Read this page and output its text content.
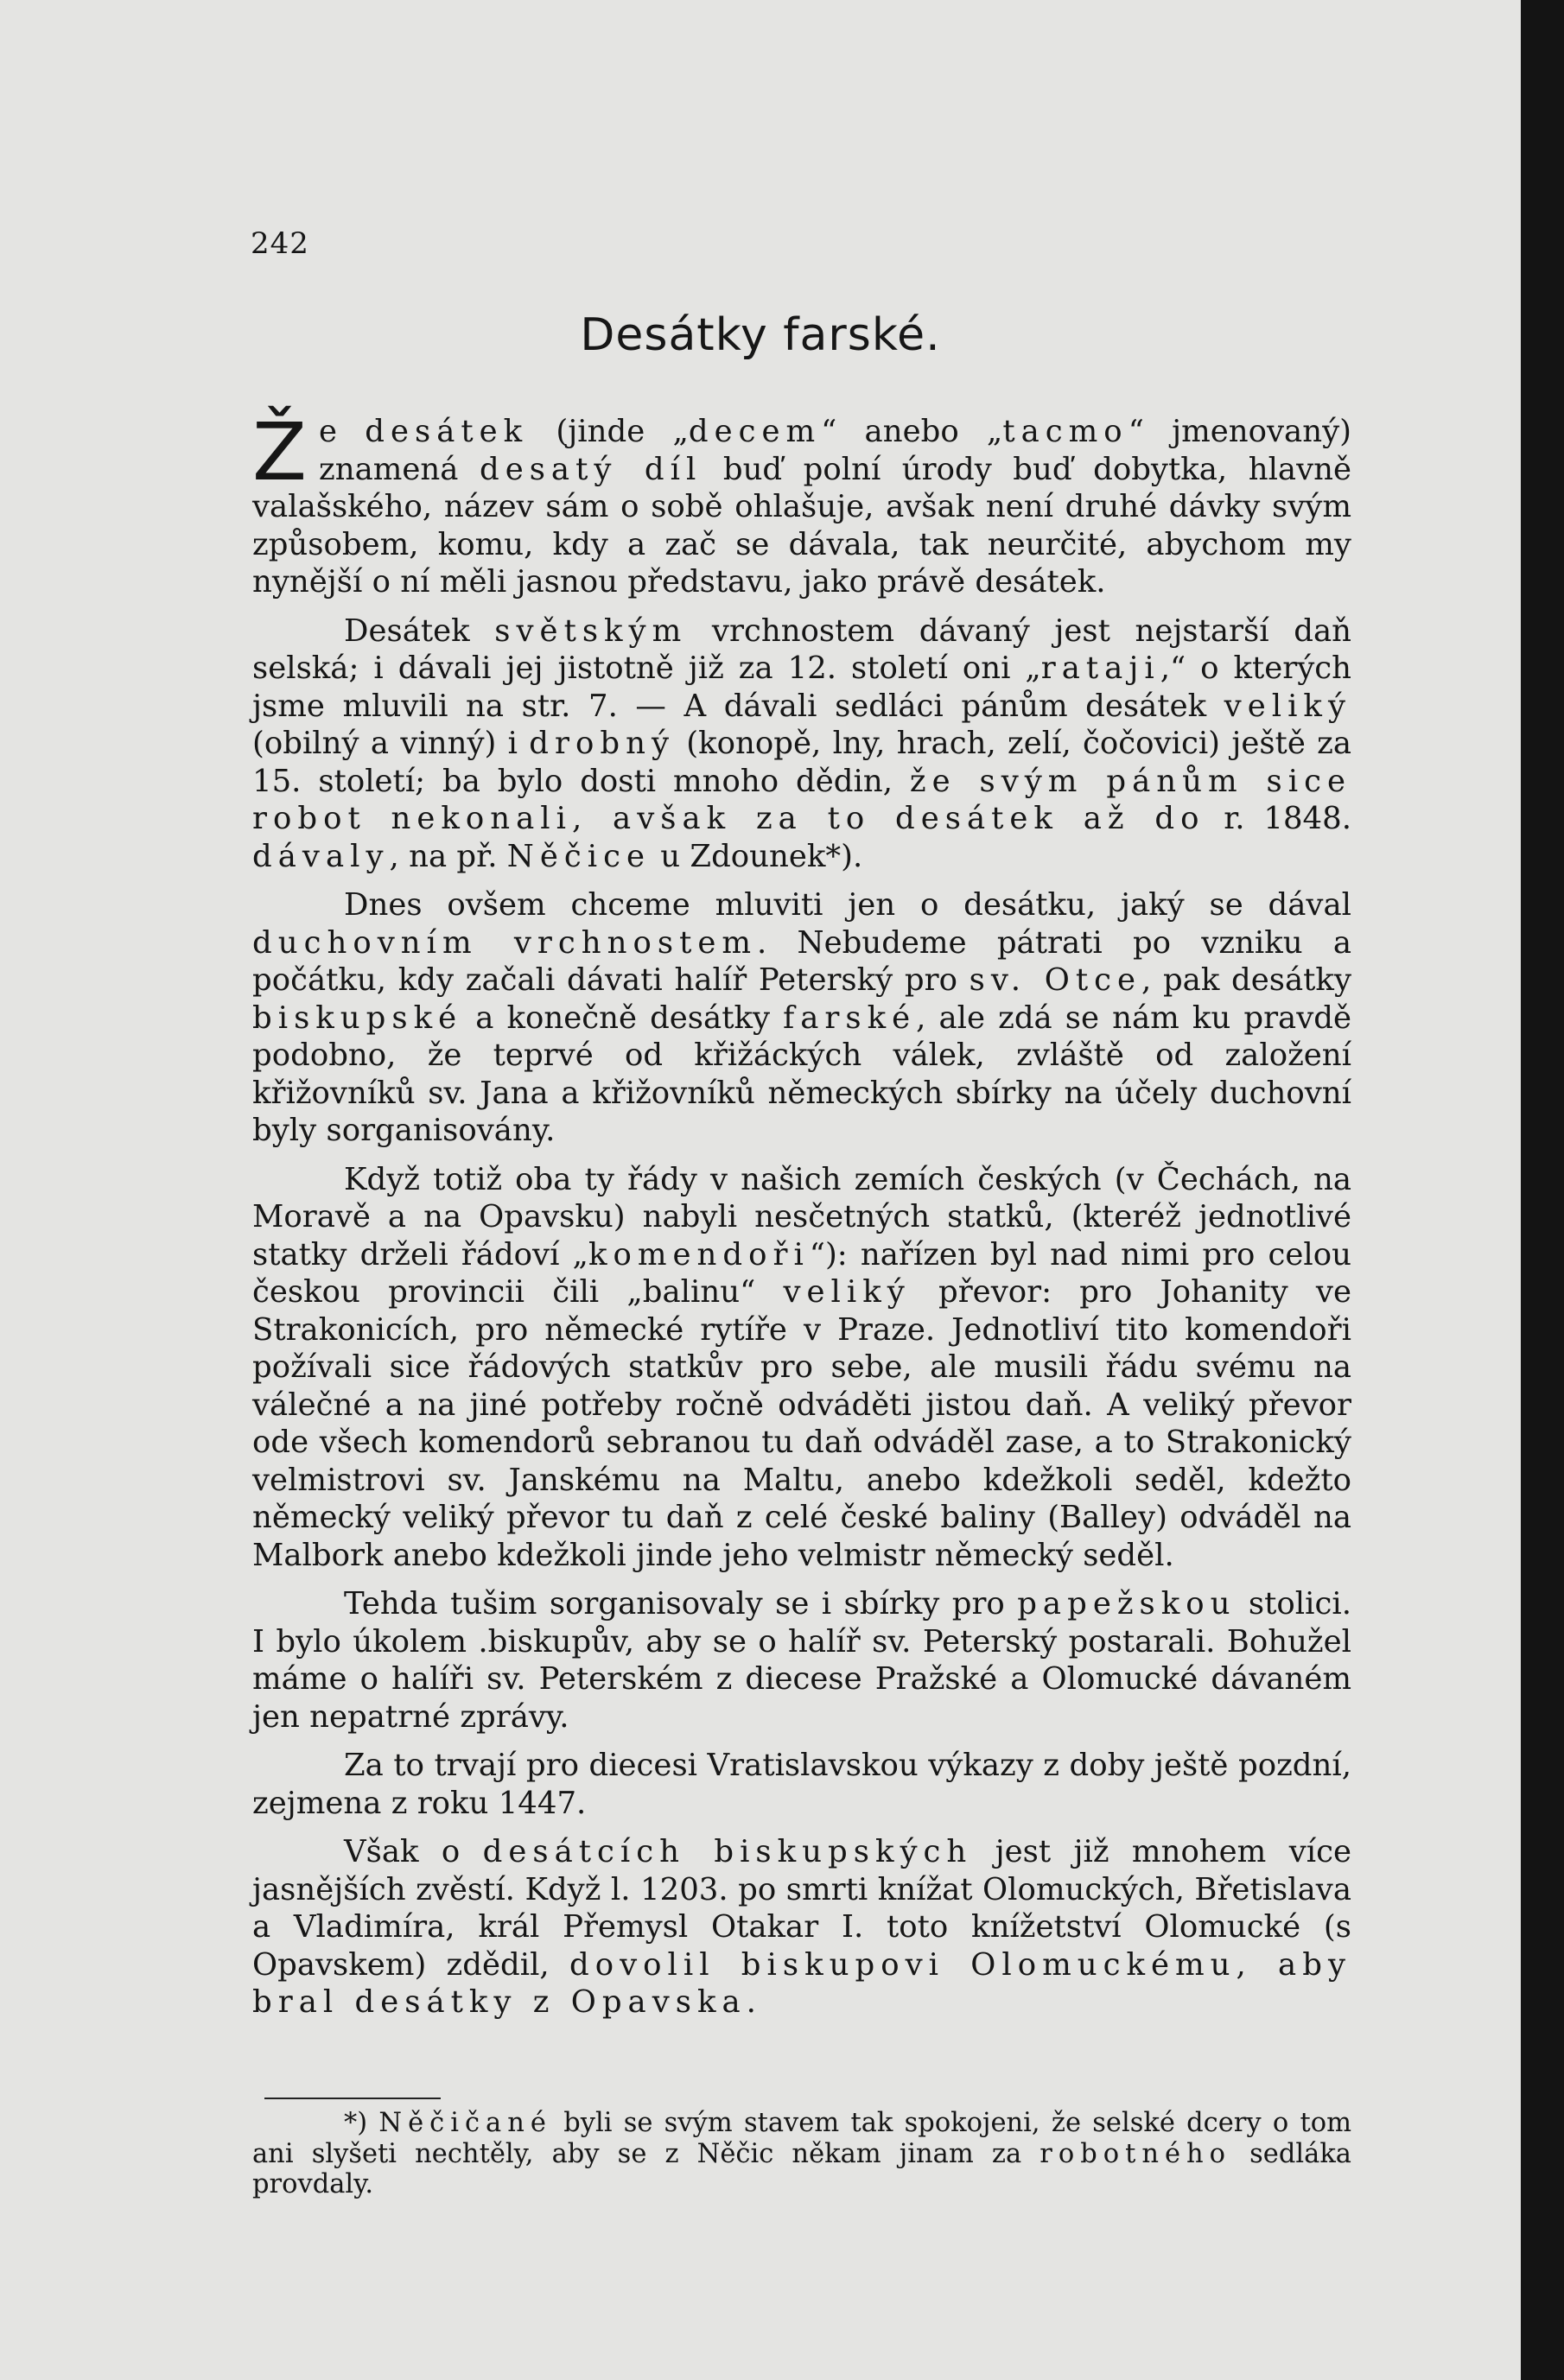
242
Desátky farské.

Že desátek (jinde „decem“ anebo „tacmo“ jmenovaný) znamená desatý díl buď polní úrody buď dobytka, hlavně valašského, název sám o sobě ohlašuje, avšak není druhé dávky svým způsobem, komu, kdy a zač se dávala, tak neurčité, abychom my nynější o ní měli jasnou představu, jako právě desátek.

Desátek světským vrchnostem dávaný jest nejstarší daň selská; i dávali jej jistotně již za 12. století oni „rataji,“ o kterých jsme mluvili na str. 7. — A dávali sedláci pánům desátek veliký (obilný a vinný) i drobný (konopě, lny, hrach, zelí, čočovici) ještě za 15. století; ba bylo dosti mnoho dědin, že svým pánům sice robot nekonali, avšak za to desátek až do r. 1848. dávaly, na př. Něčice u Zdounek*).

Dnes ovšem chceme mluviti jen o desátku, jaký se dával duchovním vrchnostem. Nebudeme pátrati po vzniku a počátku, kdy začali dávati halíř Peterský pro sv. Otce, pak desátky biskupské a konečně desátky farské, ale zdá se nám ku pravdě podobno, že teprvé od křižáckých válek, zvláště od založení křižovníků sv. Jana a křižovníků německých sbírky na účely duchovní byly sorganisovány.

Když totiž oba ty řády v našich zemích českých (v Čechách, na Moravě a na Opavsku) nabyli nesčetných statků, (kteréž jednotlivé statky drželi řádoví „komendoři“): nařízen byl nad nimi pro celou českou provincii čili „balinu“ veliký převor: pro Johanity ve Strakonicích, pro německé rytíře v Praze. Jednotliví tito komendoři požívali sice řádových statkův pro sebe, ale musili řádu svému na válečné a na jiné potřeby ročně odváděti jistou daň. A veliký převor ode všech komendorů sebranou tu daň odváděl zase, a to Strakonický velmistrovi sv. Janskému na Maltu, anebo kdežkoli seděl, kdežto německý veliký převor tu daň z celé české baliny (Balley) odváděl na Malbork anebo kdežkoli jinde jeho velmistr německý seděl.

Tehda tušim sorganisovaly se i sbírky pro papežskou stolici. I bylo úkolem .biskupův, aby se o halíř sv. Peterský postarali. Bohužel máme o halíři sv. Peterském z diecese Pražské a Olomucké dávaném jen nepatrné zprávy.

Za to trvají pro diecesi Vratislavskou výkazy z doby ještě pozdní, zejmena z roku 1447.

Však o desátcích biskupských jest již mnohem více jasnějších zvěstí. Když l. 1203. po smrti knížat Olomuckých, Břetislava a Vladimíra, král Přemysl Otakar I. toto knížetství Olomucké (s Opavskem) zdědil, dovolil biskupovi Olomuckému, aby bral desátky z Opavska.

*) Něčičané byli se svým stavem tak spokojeni, že selské dcery o tom ani slyšeti nechtěly, aby se z Něčic někam jinam za robotného sedláka provdaly.
